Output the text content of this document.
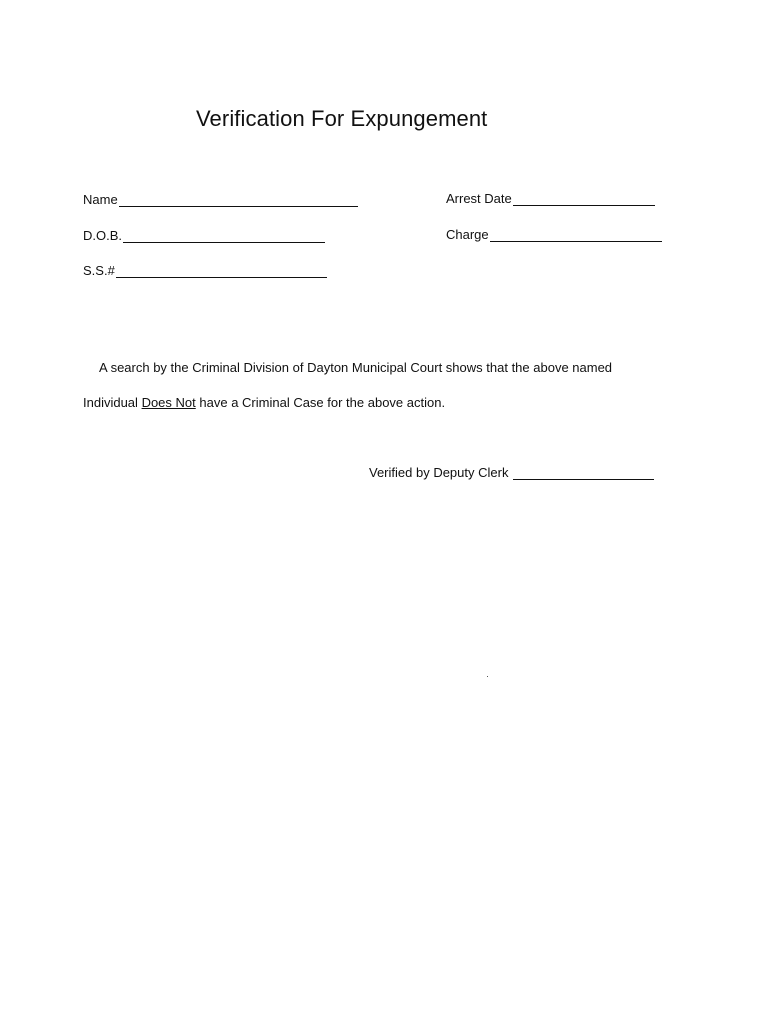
Verification For Expungement
Name
D.O.B.
S.S.#
Arrest Date
Charge
A search by the Criminal Division of Dayton Municipal Court shows that the above named
Individual Does Not have a Criminal Case for the above action.
Verified by Deputy Clerk
